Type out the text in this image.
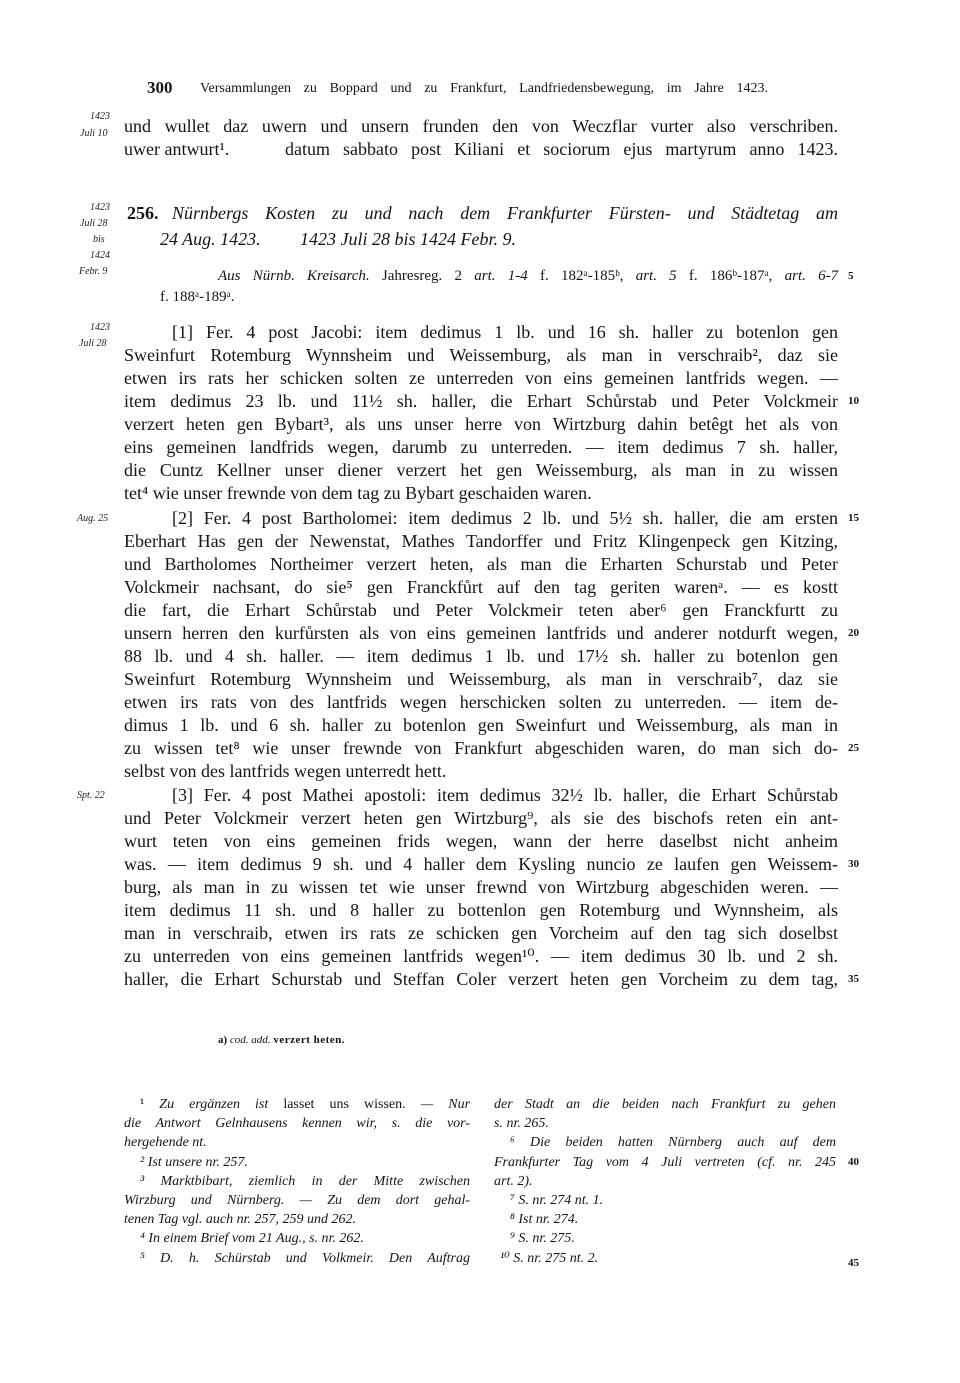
300 Versammlungen zu Boppard und zu Frankfurt, Landfriedensbewegung, im Jahre 1423.
1423
Juli 10
1423
Juli 28
bis
1424
Febr. 9
1423
Juli 28
Aug. 25
Spt. 22
und wullet daz uwern und unsern frunden den von Weczflar vurter also verschriben.
uwer antwurt¹.	datum sabbato post Kiliani et sociorum ejus martyrum anno 1423.
256. Nürnbergs Kosten zu und nach dem Frankfurter Fürsten- und Städtetag am
24 Aug. 1423. 1423 Juli 28 bis 1424 Febr. 9.
Aus Nürnb. Kreisarch. Jahresreg. 2 art. 1-4 f. 182ᵃ-185ᵇ, art. 5 f. 186ᵇ-187ᵃ, art. 6-7 5
f. 188ᵃ-189ᵃ.
[1] Fer. 4 post Jacobi: item dedimus 1 lb. und 16 sh. haller zu botenlon gen
Sweinfurt Rotemburg Wynnsheim und Weissemburg, als man in verschraib², daz sie
etwen irs rats her schicken solten ze unterreden von eins gemeinen lantfrids wegen. —
item dedimus 23 lb. und 11½ sh. haller, die Erhart Schůrstab und Peter Volckmeir 10
verzert heten gen Bybart³, als uns unser herre von Wirtzburg dahin betêgt het als von
eins gemeinen landfrids wegen, darumb zu unterreden. — item dedimus 7 sh. haller,
die Cuntz Kellner unser diener verzert het gen Weissemburg, als man in zu wissen
tet⁴ wie unser frewnde von dem tag zu Bybart geschaiden waren.
[2] Fer. 4 post Bartholomei: item dedimus 2 lb. und 5½ sh. haller, die am ersten 15
Eberhart Has gen der Newenstat, Mathes Tandorffer und Fritz Klingenpeck gen Kitzing,
und Bartholomes Northeimer verzert heten, als man die Erharten Schurstab und Peter
Volckmeir nachsant, do sie⁵ gen Franckfůrt auf den tag geriten warenᵃ. — es kostt
die fart, die Erhart Schůrstab und Peter Volckmeir teten aber⁶ gen Franckfurtt zu
unsern herren den kurfůrsten als von eins gemeinen lantfrids und anderer notdurft wegen, 20
88 lb. und 4 sh. haller. — item dedimus 1 lb. und 17½ sh. haller zu botenlon gen
Sweinfurt Rotemburg Wynnsheim und Weissemburg, als man in verschraib⁷, daz sie
etwen irs rats von des lantfrids wegen herschicken solten zu unterreden. — item de-
dimus 1 lb. und 6 sh. haller zu botenlon gen Sweinfurt und Weissemburg, als man in
zu wissen tet⁸ wie unser frewnde von Frankfurt abgeschiden waren, do man sich do- 25
selbst von des lantfrids wegen unterredt hett.
[3] Fer. 4 post Mathei apostoli: item dedimus 32½ lb. haller, die Erhart Schůrstab
und Peter Volckmeir verzert heten gen Wirtzburg⁹, als sie des bischofs reten ein ant-
wurt teten von eins gemeinen frids wegen, wann der herre daselbst nicht anheim
was. — item dedimus 9 sh. und 4 haller dem Kysling nuncio ze laufen gen Weissem- 30
burg, als man in zu wissen tet wie unser frewnd von Wirtzburg abgeschiden weren. —
item dedimus 11 sh. und 8 haller zu bottenlon gen Rotemburg und Wynnsheim, als
man in verschraib, etwen irs rats ze schicken gen Vorcheim auf den tag sich doselbst
zu unterreden von eins gemeinen lantfrids wegen¹⁰. — item dedimus 30 lb. und 2 sh.
haller, die Erhart Schurstab und Steffan Coler verzert heten gen Vorcheim zu dem tag, 35
a) cod. add. verzert heten.
¹ Zu ergänzen ist lasset uns wissen. — Nur
die Antwort Gelnhausens kennen wir, s. die vor-
hergehende nt.
² Ist unsere nr. 257.
³ Marktbibart, ziemlich in der Mitte zwischen
Wirzburg und Nürnberg. — Zu dem dort gehal-
tenen Tag vgl. auch nr. 257, 259 und 262.
⁴ In einem Brief vom 21 Aug., s. nr. 262.
⁵ D. h. Schürstab und Volkmeir. Den Auftrag
der Stadt an die beiden nach Frankfurt zu gehen
s. nr. 265.
⁶ Die beiden hatten Nürnberg auch auf dem
Frankfurter Tag vom 4 Juli vertreten (cf. nr. 245 40
art. 2).
⁷ S. nr. 274 nt. 1.
⁸ Ist nr. 274.
⁹ S. nr. 275.
¹⁰ S. nr. 275 nt. 2.	45
